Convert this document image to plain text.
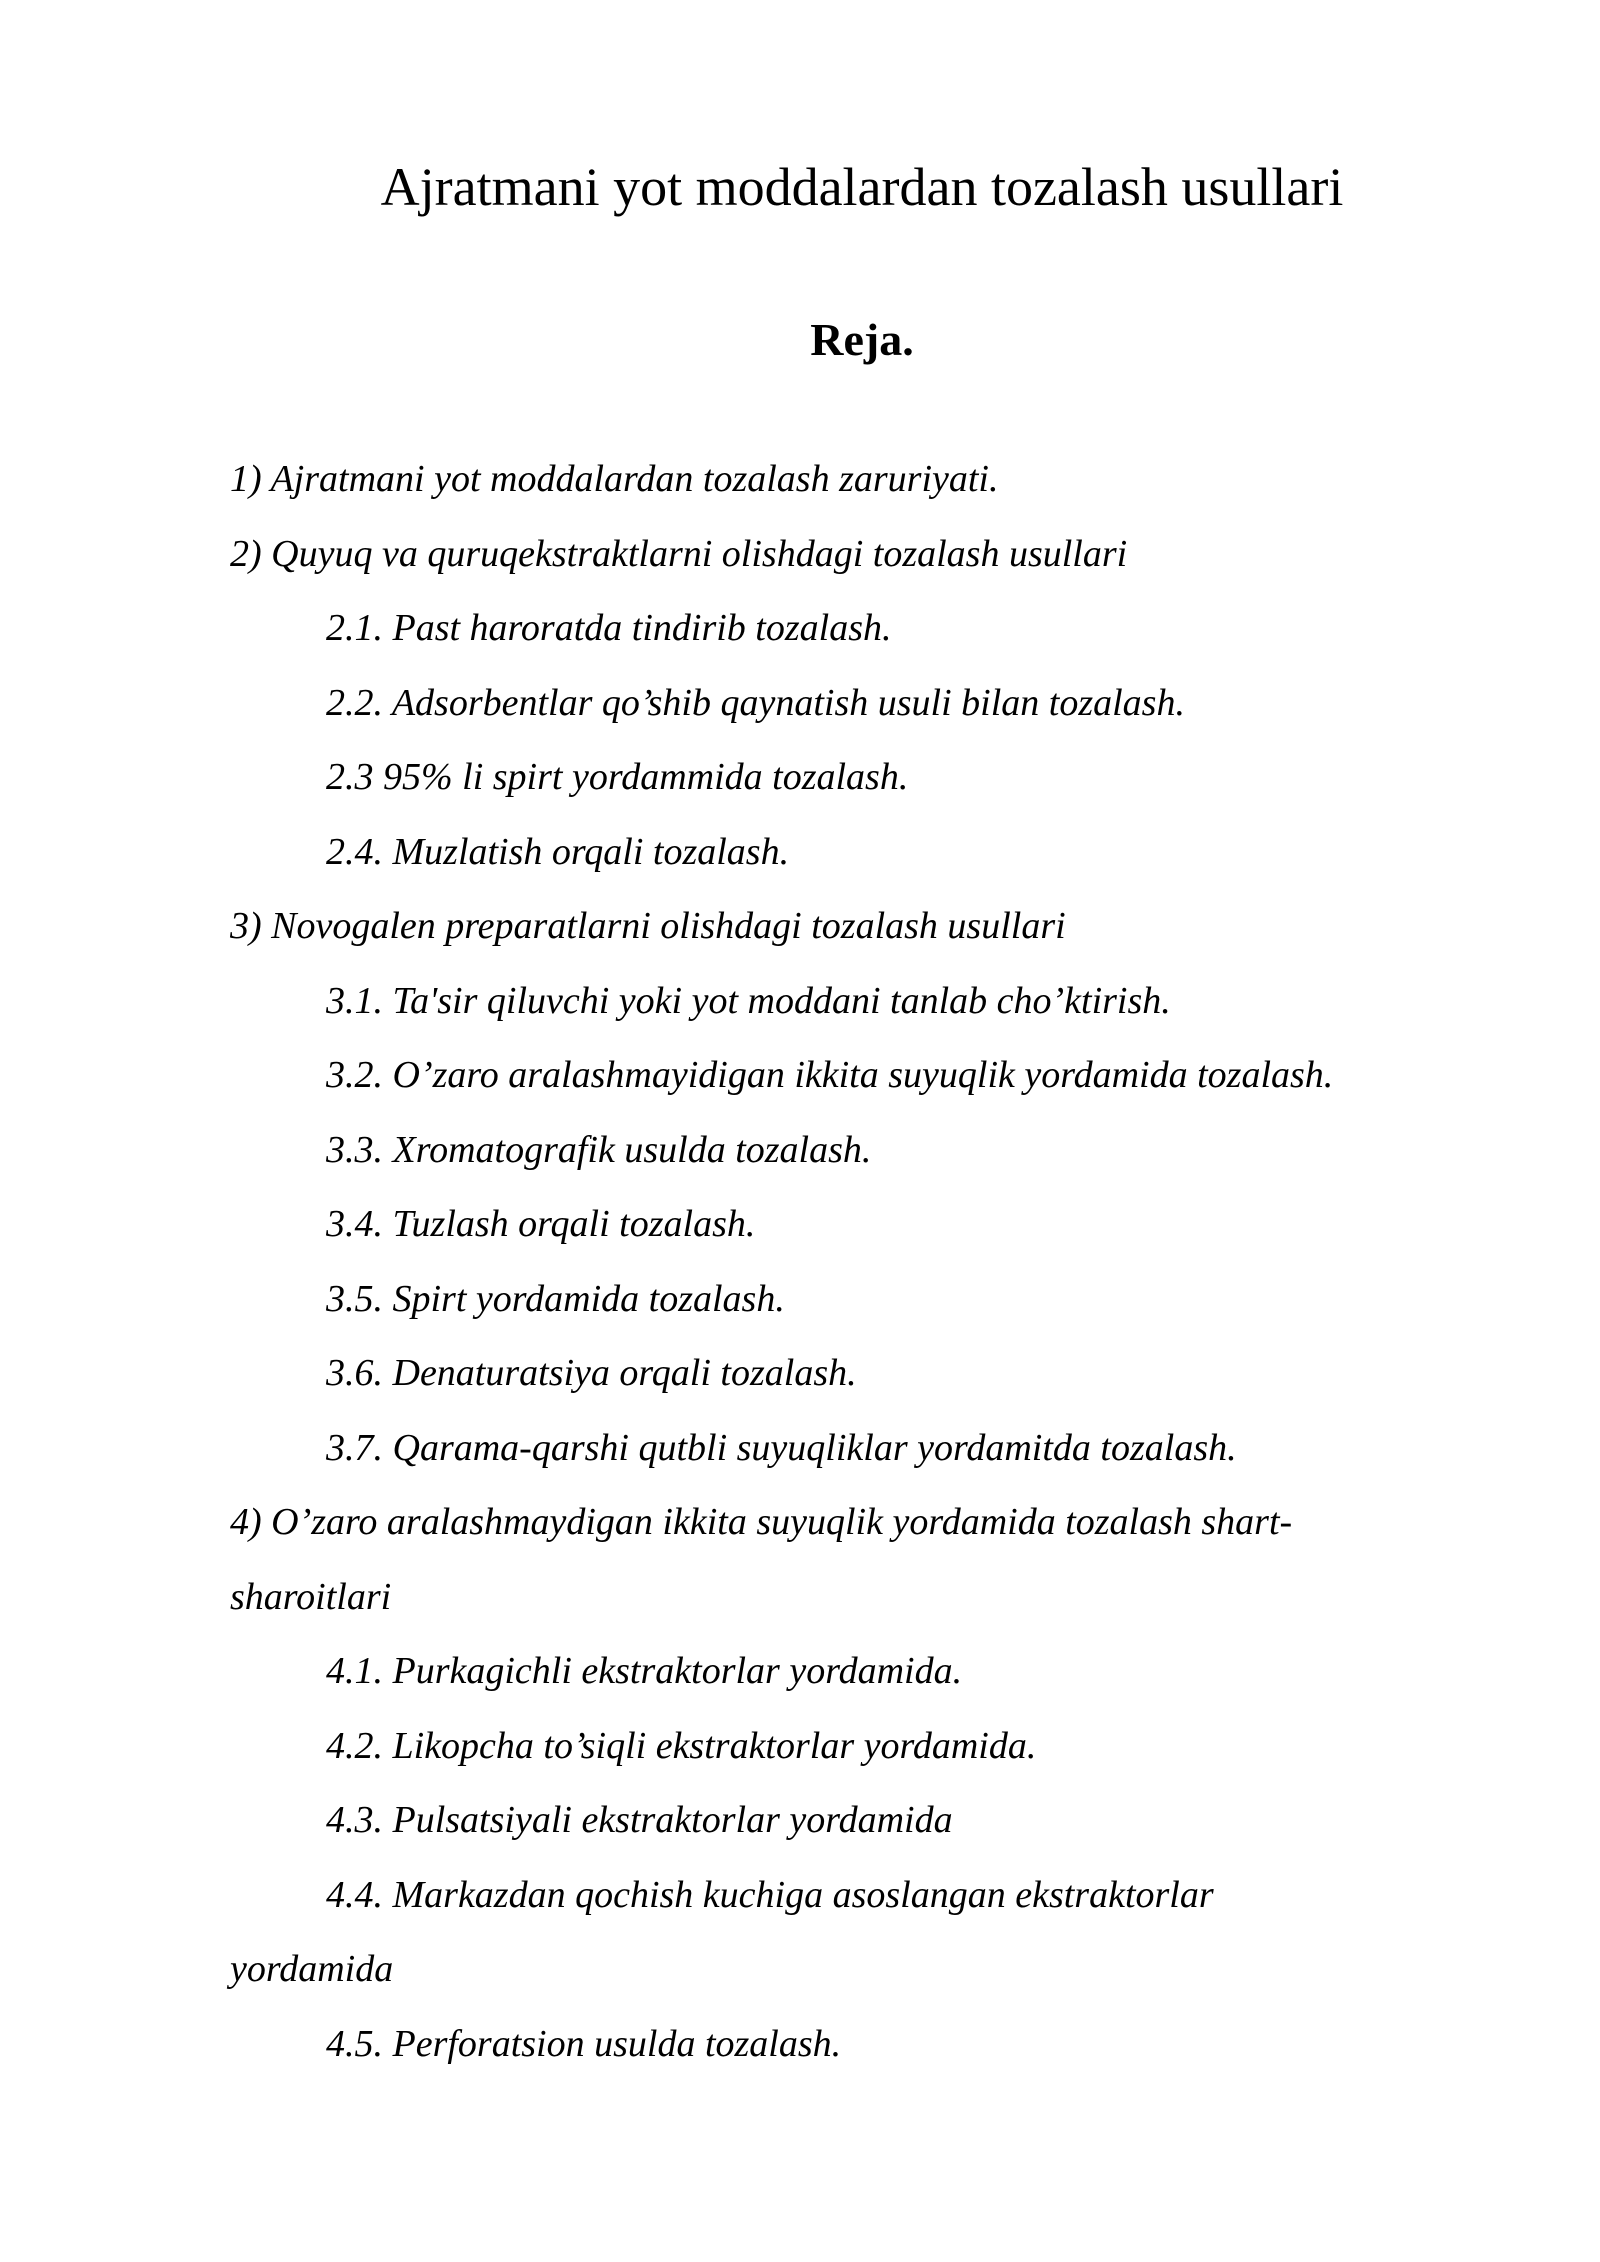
Ajratmani yot moddalardan tozalash usullari
Reja.
1) Ajratmani yot moddalardan tozalash zaruriyati.
2) Quyuq va quruqekstraktlarni olishdagi tozalash usullari
2.1. Past haroratda tindirib tozalash.
2.2. Adsorbentlar qo’shib qaynatish usuli bilan tozalash.
2.3 95% li spirt yordammida tozalash.
2.4. Muzlatish orqali tozalash.
3) Novogalen preparatlarni olishdagi tozalash usullari
3.1. Ta'sir qiluvchi yoki yot moddani tanlab cho’ktirish.
3.2. O’zaro aralashmayidigan ikkita suyuqlik yordamida tozalash.
3.3. Xromatografik usulda tozalash.
3.4. Tuzlash orqali tozalash.
3.5. Spirt yordamida tozalash.
3.6. Denaturatsiya orqali tozalash.
3.7. Qarama-qarshi qutbli suyuqliklar yordamitda tozalash.
4) O’zaro aralashmaydigan ikkita suyuqlik yordamida tozalash shart-
sharoitlari
4.1. Purkagichli ekstraktorlar yordamida.
4.2. Likopcha to’siqli ekstraktorlar yordamida.
4.3. Pulsatsiyali ekstraktorlar yordamida
4.4. Markazdan qochish kuchiga asoslangan ekstraktorlar
yordamida
4.5. Perforatsion usulda tozalash.
